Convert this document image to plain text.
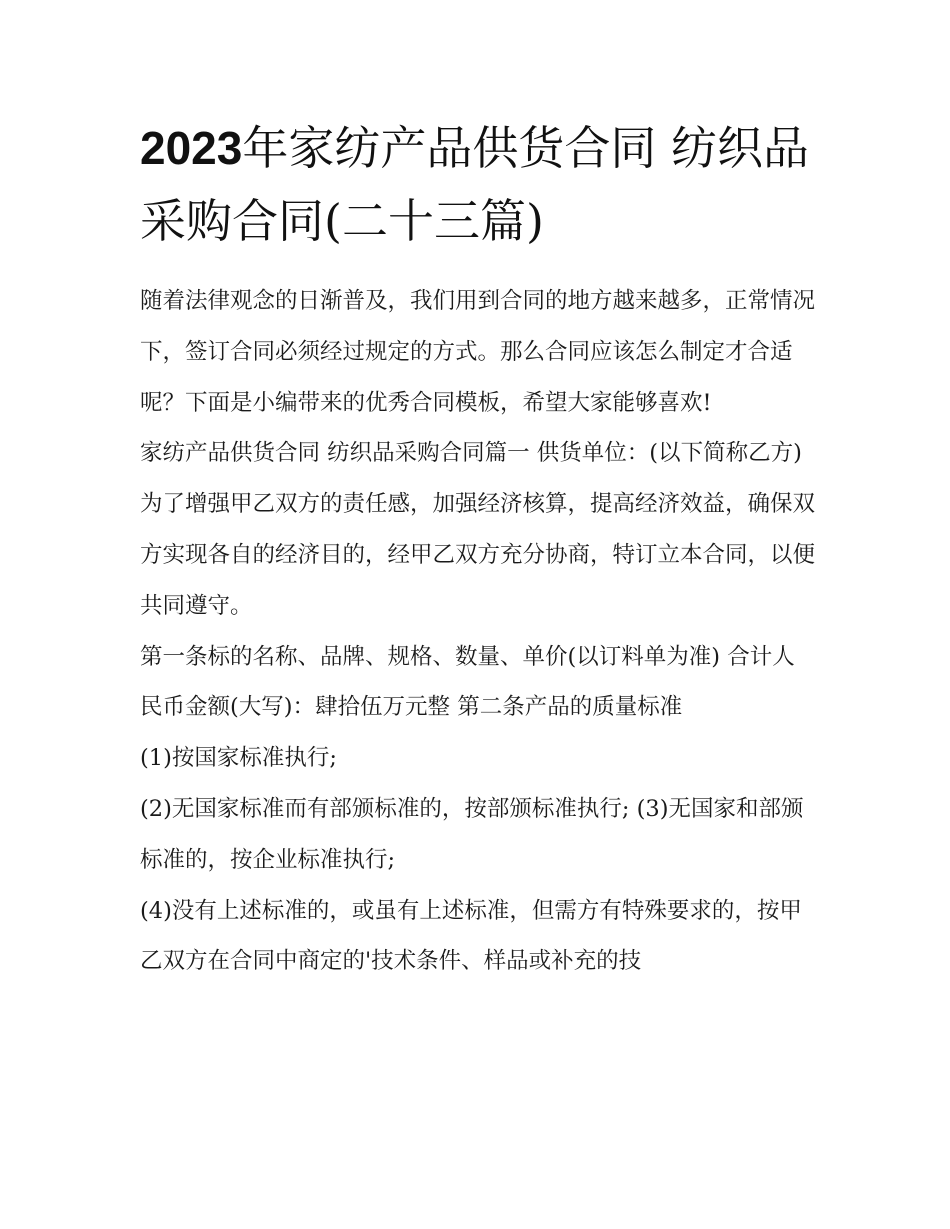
2023年家纺产品供货合同 纺织品采购合同(二十三篇)

随着法律观念的日渐普及，我们用到合同的地方越来越多，正常情况下，签订合同必须经过规定的方式。那么合同应该怎么制定才合适呢？下面是小编带来的优秀合同模板，希望大家能够喜欢!

家纺产品供货合同 纺织品采购合同篇一 供货单位：(以下简称乙方)

为了增强甲乙双方的责任感，加强经济核算，提高经济效益，确保双方实现各自的经济目的，经甲乙双方充分协商，特订立本合同，以便共同遵守。

第一条标的名称、品牌、规格、数量、单价(以订料单为准) 合计人民币金额(大写)：肆拾伍万元整 第二条产品的质量标准

(1)按国家标准执行;

(2)无国家标准而有部颁标准的，按部颁标准执行; (3)无国家和部颁标准的，按企业标准执行;

(4)没有上述标准的，或虽有上述标准，但需方有特殊要求的，按甲乙双方在合同中商定的'技术条件、样品或补充的技
